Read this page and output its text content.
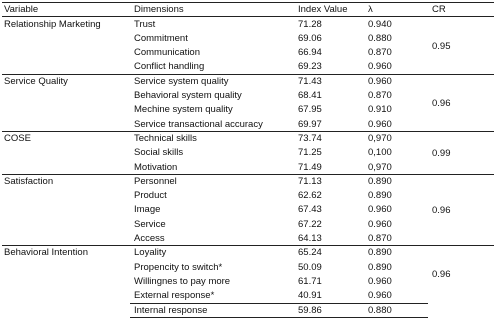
Variable	Dimensions	Index Value λ	CR
Relationship Marketing	Trust	71.28	0.940
Commitment	69.06	0.880
Communication	66.94	0.870
Conflict handling	69.23	0.960
0.95
Service Quality	Service system quality	71.43	0.960
Behavioral system quality	68.41	0.870
Mechine system quality	67.95	0.910
Service transactional accuracy	69.97	0.960
0.96
COSE	Technical skills	73.74	0,970
Social skills	71.25	0,100
Motivation	71.49	0,970
0.99
Satisfaction	Personnel	71.13	0.890
Product	62.62	0.890
Image	67.43	0.960
Service	67.22	0.960
Access	64.13	0.870
0.96
Behavioral Intention	Loyality	65.24	0.890
Propencity to switch*	50.09	0.890
Willingnes to pay more	61.71	0.960
External response*	40.91	0.960
Internal response	59.86	0.880
0.96
